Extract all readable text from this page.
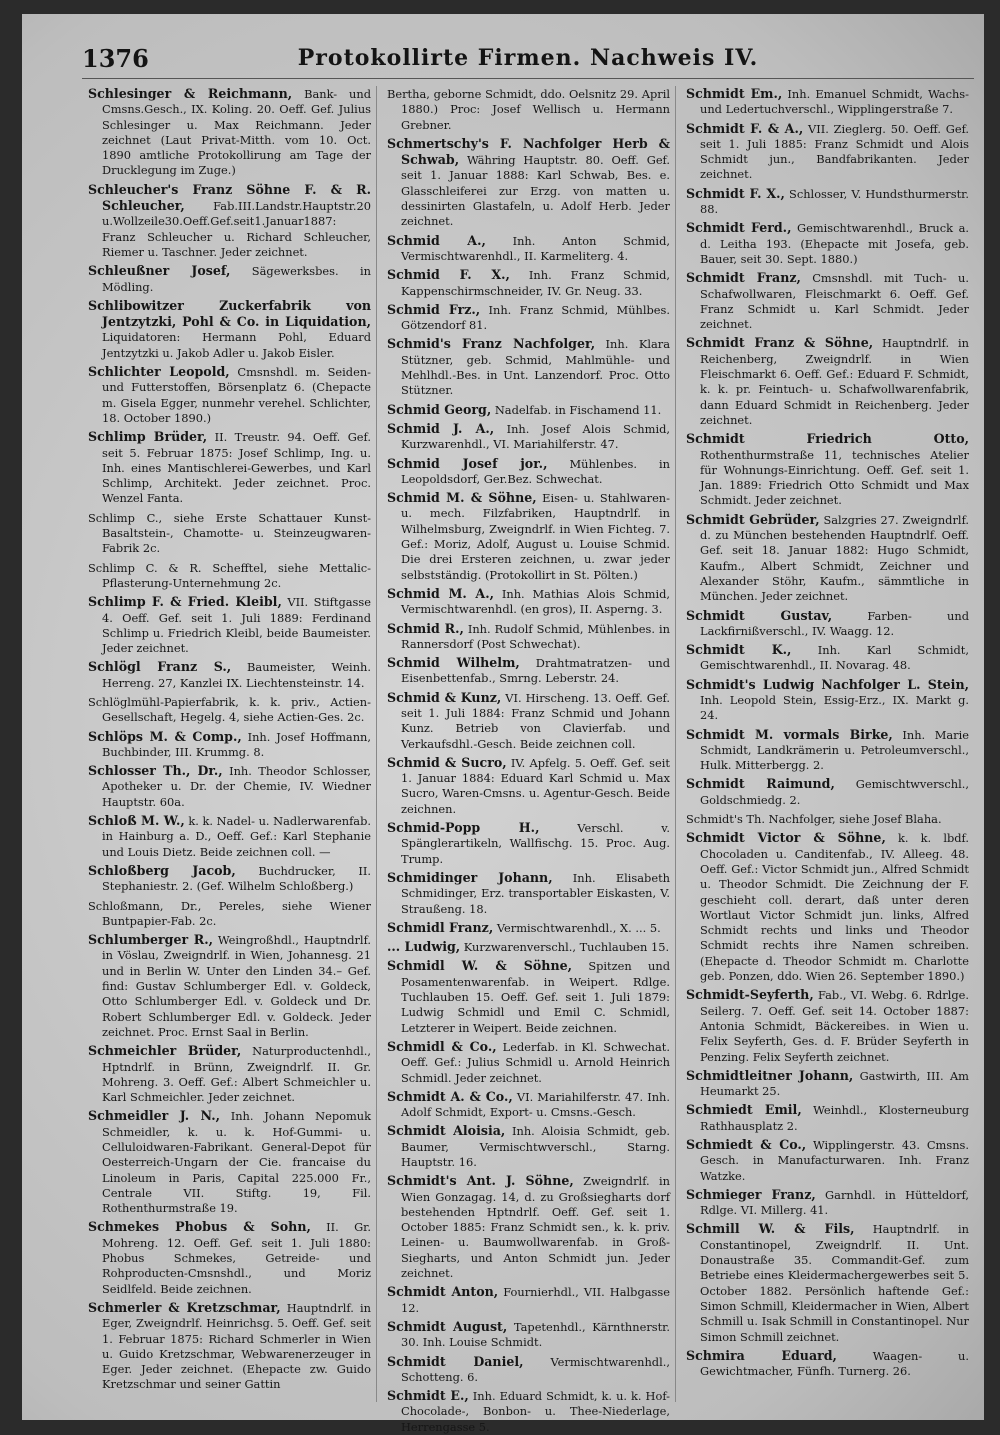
1376	Protokollirte Firmen. Nachweis IV.

Schlesinger & Reichmann, Bank- und Cmsns.Gesch., IX. Koling. 20. Oeff. Gef. Julius Schlesinger u. Max Reichmann. Jeder zeichnet (Laut Privat-Mitth. vom 10. Oct. 1890 amtliche Protokollirung am Tage der Drucklegung im Zuge.)

Schleucher's Franz Söhne F. & R. Schleucher, Fab.III.Landstr.Hauptstr.20 u.Wollzeile30.Oeff.Gef.seit1.Januar1887: Franz Schleucher u. Richard Schleucher, Riemer u. Taschner. Jeder zeichnet.

Schleußner Josef, Sägewerksbes. in Mödling.

Schlibowitzer Zuckerfabrik von Jentzytzki, Pohl & Co. in Liquidation, Liquidatoren: Hermann Pohl, Eduard Jentzytzki u. Jakob Adler u. Jakob Eisler.

Schlichter Leopold, Cmsnshdl. m. Seiden- und Futterstoffen, Börsenplatz 6. (Chepacte m. Gisela Egger, nunmehr verehel. Schlichter, 18. October 1890.)

Schlimp Brüder, II. Treustr. 94. Oeff. Gef. seit 5. Februar 1875: Josef Schlimp, Ing. u. Inh. eines Mantischlerei-Gewerbes, und Karl Schlimp, Architekt. Jeder zeichnet. Proc. Wenzel Fanta.

Schlimp C., siehe Erste Schattauer Kunst-Basaltstein-, Chamotte- u. Steinzeugwaren-Fabrik 2c.

Schlimp C. & R. Schefftel, siehe Mettalic-Pflasterung-Unternehmung 2c.

Schlimp F. & Fried. Kleibl, VII. Stiftgasse 4. Oeff. Gef. seit 1. Juli 1889: Ferdinand Schlimp u. Friedrich Kleibl, beide Baumeister. Jeder zeichnet.

Schlögl Franz S., Baumeister, Weinh. Herreng. 27, Kanzlei IX. Liechtensteinstr. 14.

Schlöglmühl-Papierfabrik, k. k. priv., Actien-Gesellschaft, Hegelg. 4, siehe Actien-Ges. 2c.

Schlöps M. & Comp., Inh. Josef Hoffmann, Buchbinder, III. Krummg. 8.

Schlosser Th., Dr., Inh. Theodor Schlosser, Apotheker u. Dr. der Chemie, IV. Wiedner Hauptstr. 60a.

Schloß M. W., k. k. Nadel- u. Nadlerwarenfab. in Hainburg a. D., Oeff. Gef.: Karl Stephanie und Louis Dietz. Beide zeichnen coll. —

Schloßberg Jacob, Buchdrucker, II. Stephaniestr. 2. (Gef. Wilhelm Schloßberg.)

Schloßmann, Dr., Pereles, siehe Wiener Buntpapier-Fab. 2c.

Schlumberger R., Weingroßhdl., Hauptndrlf. in Vöslau, Zweigndrlf. in Wien, Johannesg. 21 und in Berlin W. Unter den Linden 34.– Gef. find: Gustav Schlumberger Edl. v. Goldeck, Otto Schlumberger Edl. v. Goldeck und Dr. Robert Schlumberger Edl. v. Goldeck. Jeder zeichnet. Proc. Ernst Saal in Berlin.

Schmeichler Brüder, Naturproductenhdl., Hptndrlf. in Brünn, Zweigndrlf. II. Gr. Mohreng. 3. Oeff. Gef.: Albert Schmeichler u. Karl Schmeichler. Jeder zeichnet.

Schmeidler J. N., Inh. Johann Nepomuk Schmeidler, k. u. k. Hof-Gummi- u. Celluloidwaren-Fabrikant. General-Depot für Oesterreich-Ungarn der Cie. francaise du Linoleum in Paris, Capital 225.000 Fr., Centrale VII. Stiftg. 19, Fil. Rothenthurmstraße 19.

Schmekes Phobus & Sohn, II. Gr. Mohreng. 12. Oeff. Gef. seit 1. Juli 1880: Phobus Schmekes, Getreide- und Rohproducten-Cmsnshdl., und Moriz Seidlfeld. Beide zeichnen.

Schmerler & Kretzschmar, Hauptndrlf. in Eger, Zweigndrlf. Heinrichsg. 5. Oeff. Gef. seit 1. Februar 1875: Richard Schmerler in Wien u. Guido Kretzschmar, Webwarenerzeuger in Eger. Jeder zeichnet. (Ehepacte zw. Guido Kretzschmar und seiner Gattin

Bertha, geborne Schmidt, ddo. Oelsnitz 29. April 1880.) Proc: Josef Wellisch u. Hermann Grebner.

Schmertschy's F. Nachfolger Herb & Schwab, Währing Hauptstr. 80. Oeff. Gef. seit 1. Januar 1888: Karl Schwab, Bes. e. Glasschleiferei zur Erzg. von matten u. dessinirten Glastafeln, u. Adolf Herb. Jeder zeichnet.

Schmid A., Inh. Anton Schmid, Vermischtwarenhdl., II. Karmeliterg. 4.

Schmid F. X., Inh. Franz Schmid, Kappenschirmschneider, IV. Gr. Neug. 33.

Schmid Frz., Inh. Franz Schmid, Mühlbes. Götzendorf 81.

Schmid's Franz Nachfolger, Inh. Klara Stützner, geb. Schmid, Mahlmühle- und Mehlhdl.-Bes. in Unt. Lanzendorf. Proc. Otto Stützner.

Schmid Georg, Nadelfab. in Fischamend 11.

Schmid J. A., Inh. Josef Alois Schmid, Kurzwarenhdl., VI. Mariahilferstr. 47.

Schmid Josef jor., Mühlenbes. in Leopoldsdorf, Ger.Bez. Schwechat.

Schmid M. & Söhne, Eisen- u. Stahlwaren- u. mech. Filzfabriken, Hauptndrlf. in Wilhelmsburg, Zweigndrlf. in Wien Fichteg. 7. Gef.: Moriz, Adolf, August u. Louise Schmid. Die drei Ersteren zeichnen, u. zwar jeder selbstständig. (Protokollirt in St. Pölten.)

Schmid M. A., Inh. Mathias Alois Schmid, Vermischtwarenhdl. (en gros), II. Asperng. 3.

Schmid R., Inh. Rudolf Schmid, Mühlenbes. in Rannersdorf (Post Schwechat).

Schmid Wilhelm, Drahtmatratzen- und Eisenbettenfab., Smrng. Leberstr. 24.

Schmid & Kunz, VI. Hirscheng. 13. Oeff. Gef. seit 1. Juli 1884: Franz Schmid und Johann Kunz. Betrieb von Clavierfab. und Verkaufsdhl.-Gesch. Beide zeichnen coll.

Schmid & Sucro, IV. Apfelg. 5. Oeff. Gef. seit 1. Januar 1884: Eduard Karl Schmid u. Max Sucro, Waren-Cmsns. u. Agentur-Gesch. Beide zeichnen.

Schmid-Popp H., Verschl. v. Spänglerartikeln, Wallfischg. 15. Proc. Aug. Trump.

Schmidinger Johann, Inh. Elisabeth Schmidinger, Erz. transportabler Eiskasten, V. Straußeng. 18.

Schmidl Franz, Vermischtwarenhdl., X. ... 5.

... Ludwig, Kurzwarenverschl., Tuchlauben 15.

Schmidl W. & Söhne, Spitzen und Posamentenwarenfab. in Weipert. Rdlge. Tuchlauben 15. Oeff. Gef. seit 1. Juli 1879: Ludwig Schmidl und Emil C. Schmidl, Letzterer in Weipert. Beide zeichnen.

Schmidl & Co., Lederfab. in Kl. Schwechat. Oeff. Gef.: Julius Schmidl u. Arnold Heinrich Schmidl. Jeder zeichnet.

Schmidt A. & Co., VI. Mariahilferstr. 47. Inh. Adolf Schmidt, Export- u. Cmsns.-Gesch.

Schmidt Aloisia, Inh. Aloisia Schmidt, geb. Baumer, Vermischtwverschl., Starng. Hauptstr. 16.

Schmidt's Ant. J. Söhne, Zweigndrlf. in Wien Gonzagag. 14, d. zu Großsiegharts dorf bestehenden Hptndrlf. Oeff. Gef. seit 1. October 1885: Franz Schmidt sen., k. k. priv. Leinen- u. Baumwollwarenfab. in Groß-Siegharts, und Anton Schmidt jun. Jeder zeichnet.

Schmidt Anton, Fournierhdl., VII. Halbgasse 12.

Schmidt August, Tapetenhdl., Kärnthnerstr. 30. Inh. Louise Schmidt.

Schmidt Daniel, Vermischtwarenhdl., Schotteng. 6.

Schmidt E., Inh. Eduard Schmidt, k. u. k. Hof-Chocolade-, Bonbon- u. Thee-Niederlage, Herrengasse 5.

Schmidt Em., Inh. Emanuel Schmidt, Wachs- und Ledertuchverschl., Wipplingerstraße 7.

Schmidt F. & A., VII. Zieglerg. 50. Oeff. Gef. seit 1. Juli 1885: Franz Schmidt und Alois Schmidt jun., Bandfabrikanten. Jeder zeichnet.

Schmidt F. X., Schlosser, V. Hundsthurmerstr. 88.

Schmidt Ferd., Gemischtwarenhdl., Bruck a. d. Leitha 193. (Ehepacte mit Josefa, geb. Bauer, seit 30. Sept. 1880.)

Schmidt Franz, Cmsnshdl. mit Tuch- u. Schafwollwaren, Fleischmarkt 6. Oeff. Gef. Franz Schmidt u. Karl Schmidt. Jeder zeichnet.

Schmidt Franz & Söhne, Hauptndrlf. in Reichenberg, Zweigndrlf. in Wien Fleischmarkt 6. Oeff. Gef.: Eduard F. Schmidt, k. k. pr. Feintuch- u. Schafwollwarenfabrik, dann Eduard Schmidt in Reichenberg. Jeder zeichnet.

Schmidt Friedrich Otto, Rothenthurmstraße 11, technisches Atelier für Wohnungs-Einrichtung. Oeff. Gef. seit 1. Jan. 1889: Friedrich Otto Schmidt und Max Schmidt. Jeder zeichnet.

Schmidt Gebrüder, Salzgries 27. Zweigndrlf. d. zu München bestehenden Hauptndrlf. Oeff. Gef. seit 18. Januar 1882: Hugo Schmidt, Kaufm., Albert Schmidt, Zeichner und Alexander Stöhr, Kaufm., sämmtliche in München. Jeder zeichnet.

Schmidt Gustav, Farben- und Lackfirnißverschl., IV. Waagg. 12.

Schmidt K., Inh. Karl Schmidt, Gemischtwarenhdl., II. Novarag. 48.

Schmidt's Ludwig Nachfolger L. Stein, Inh. Leopold Stein, Essig-Erz., IX. Markt g. 24.

Schmidt M. vormals Birke, Inh. Marie Schmidt, Landkrämerin u. Petroleumverschl., Hulk. Mitterbergg. 2.

Schmidt Raimund, Gemischtwverschl., Goldschmiedg. 2.

Schmidt's Th. Nachfolger, siehe Josef Blaha.

Schmidt Victor & Söhne, k. k. lbdf. Chocoladen u. Canditenfab., IV. Alleeg. 48. Oeff. Gef.: Victor Schmidt jun., Alfred Schmidt u. Theodor Schmidt. Die Zeichnung der F. geschieht coll. derart, daß unter deren Wortlaut Victor Schmidt jun. links, Alfred Schmidt rechts und links und Theodor Schmidt rechts ihre Namen schreiben. (Ehepacte d. Theodor Schmidt m. Charlotte geb. Ponzen, ddo. Wien 26. September 1890.)

Schmidt-Seyferth, Fab., VI. Webg. 6. Rdrlge. Seilerg. 7. Oeff. Gef. seit 14. October 1887: Antonia Schmidt, Bäckereibes. in Wien u. Felix Seyferth, Ges. d. F. Brüder Seyferth in Penzing. Felix Seyferth zeichnet.

Schmidtleitner Johann, Gastwirth, III. Am Heumarkt 25.

Schmiedt Emil, Weinhdl., Klosterneuburg Rathhausplatz 2.

Schmiedt & Co., Wipplingerstr. 43. Cmsns. Gesch. in Manufacturwaren. Inh. Franz Watzke.

Schmieger Franz, Garnhdl. in Hütteldorf, Rdlge. VI. Millerg. 41.

Schmill W. & Fils, Hauptndrlf. in Constantinopel, Zweigndrlf. II. Unt. Donaustraße 35. Commandit-Gef. zum Betriebe eines Kleidermachergewerbes seit 5. October 1882. Persönlich haftende Gef.: Simon Schmill, Kleidermacher in Wien, Albert Schmill u. Isak Schmill in Constantinopel. Nur Simon Schmill zeichnet.

Schmira Eduard, Waagen- u. Gewichtmacher, Fünfh. Turnerg. 26.
